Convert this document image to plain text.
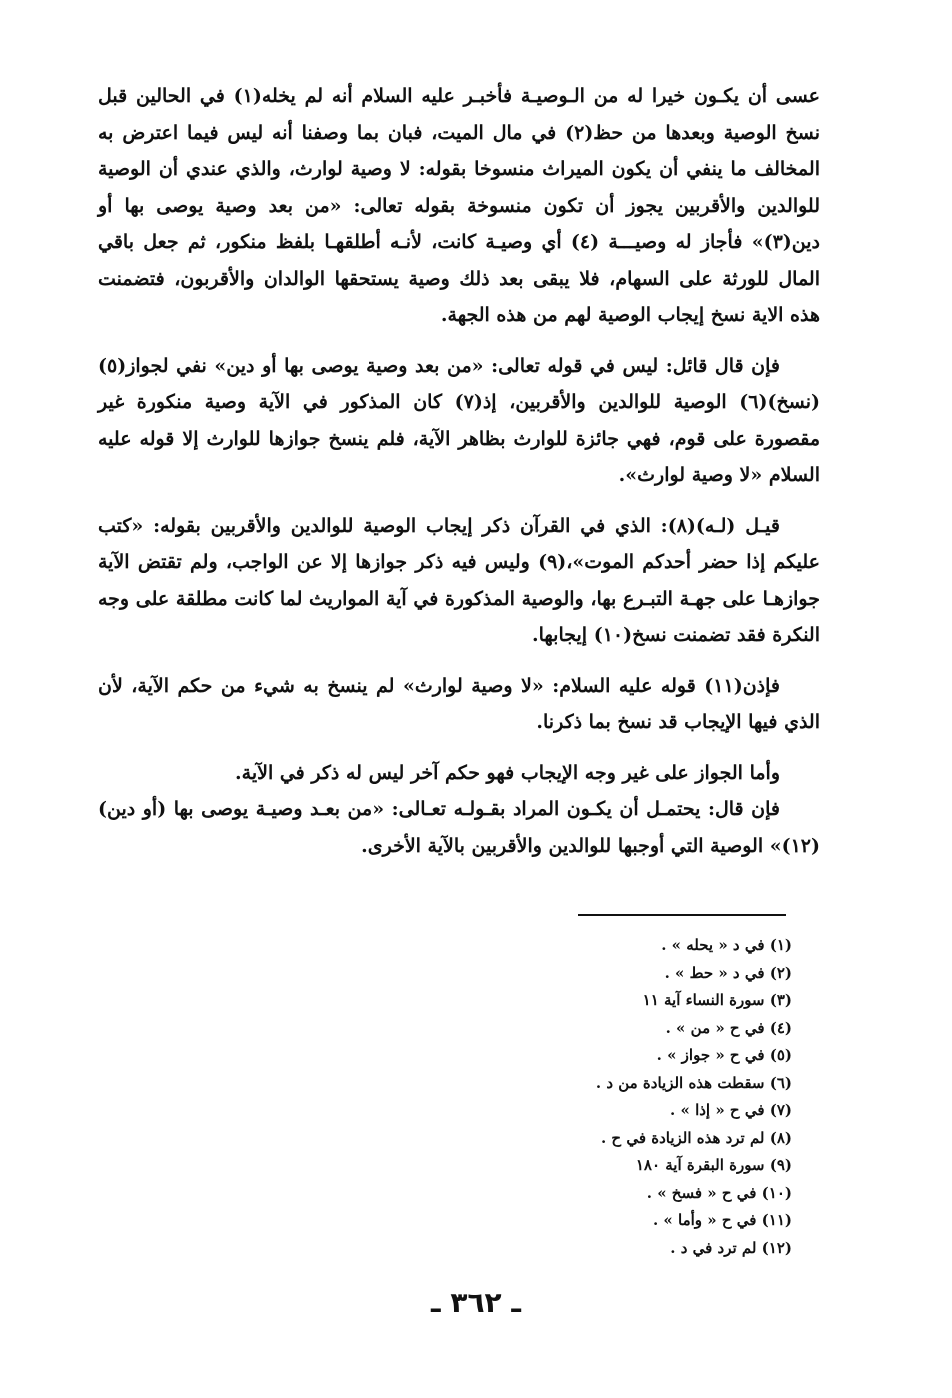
عسى أن يكـون خيرا له من الـوصيـة فأخبـر عليه السلام أنه لم يخله(١) في الحالين قبل نسخ الوصية وبعدها من حظ(٢) في مال الميت، فبان بما وصفنا أنه ليس فيما اعترض به المخالف ما ينفي أن يكون الميراث منسوخا بقوله: لا وصية لوارث، والذي عندي أن الوصية للوالدين والأقربين يجوز أن تكون منسوخة بقوله تعالى: «من بعد وصية يوصى بها أو دين(٣)» فأجاز له وصيـــة (٤) أي وصيـة كانت، لأنـه أطلقهـا بلفظ منكور، ثم جعل باقي المال للورثة على السهام، فلا يبقى بعد ذلك وصية يستحقها الوالدان والأقربون، فتضمنت هذه الاية نسخ إيجاب الوصية لهم من هذه الجهة.

فإن قال قائل: ليس في قوله تعالى: «من بعد وصية يوصى بها أو دين» نفي لجواز(٥) (نسخ)(٦) الوصية للوالدين والأقربين، إذ(٧) كان المذكور في الآية وصية منكورة غير مقصورة على قوم، فهي جائزة للوارث بظاهر الآية، فلم ينسخ جوازها للوارث إلا قوله عليه السلام «لا وصية لوارث».

قيـل (لـه)(٨): الذي في القرآن ذكر إيجاب الوصية للوالدين والأقربين بقوله: «كتب عليكم إذا حضر أحدكم الموت»،(٩) وليس فيه ذكر جوازها إلا عن الواجب، ولم تقتض الآية جوازهـا على جهـة التبـرع بها، والوصية المذكورة في آية المواريث لما كانت مطلقة على وجه النكرة فقد تضمنت نسخ(١٠) إيجابها.

فإذن(١١) قوله عليه السلام: «لا وصية لوارث» لم ينسخ به شيء من حكم الآية، لأن الذي فيها الإيجاب قد نسخ بما ذكرنا.

وأما الجواز على غير وجه الإيجاب فهو حكم آخر ليس له ذكر في الآية.

فإن قال: يحتمـل أن يكـون المراد بقـولـه تعـالى: «من بعـد وصيـة يوصى بها (أو دين)(١٢)» الوصية التي أوجبها للوالدين والأقربين بالآية الأخرى.

(١) في د « يحله » .
(٢) في د « حط » .
(٣) سورة النساء آية ١١
(٤) في ح « من » .
(٥) في ح « جواز » .
(٦) سقطت هذه الزيادة من د .
(٧) في ح « إذا » .
(٨) لم ترد هذه الزيادة في ح .
(٩) سورة البقرة آية ١٨٠
(١٠) في ح « فسخ » .
(١١) في ح « وأما » .
(١٢) لم ترد في د .
ـ ٣٦٢ ـ
